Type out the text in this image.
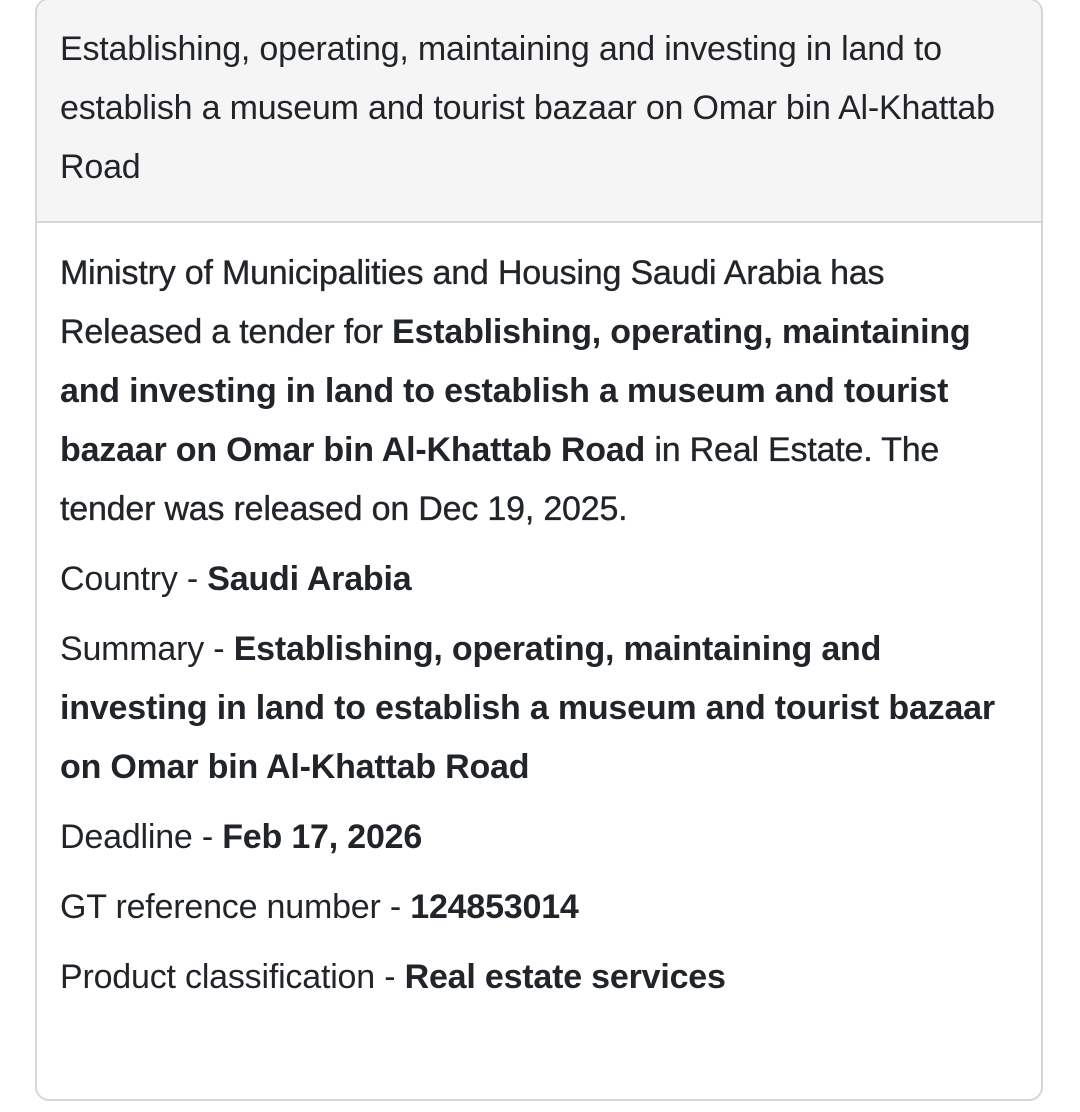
Establishing, operating, maintaining and investing in land to establish a museum and tourist bazaar on Omar bin Al-Khattab Road

Ministry of Municipalities and Housing Saudi Arabia has Released a tender for Establishing, operating, maintaining and investing in land to establish a museum and tourist bazaar on Omar bin Al-Khattab Road in Real Estate. The tender was released on Dec 19, 2025.

Country - Saudi Arabia

Summary - Establishing, operating, maintaining and investing in land to establish a museum and tourist bazaar on Omar bin Al-Khattab Road

Deadline - Feb 17, 2026

GT reference number - 124853014

Product classification - Real estate services
